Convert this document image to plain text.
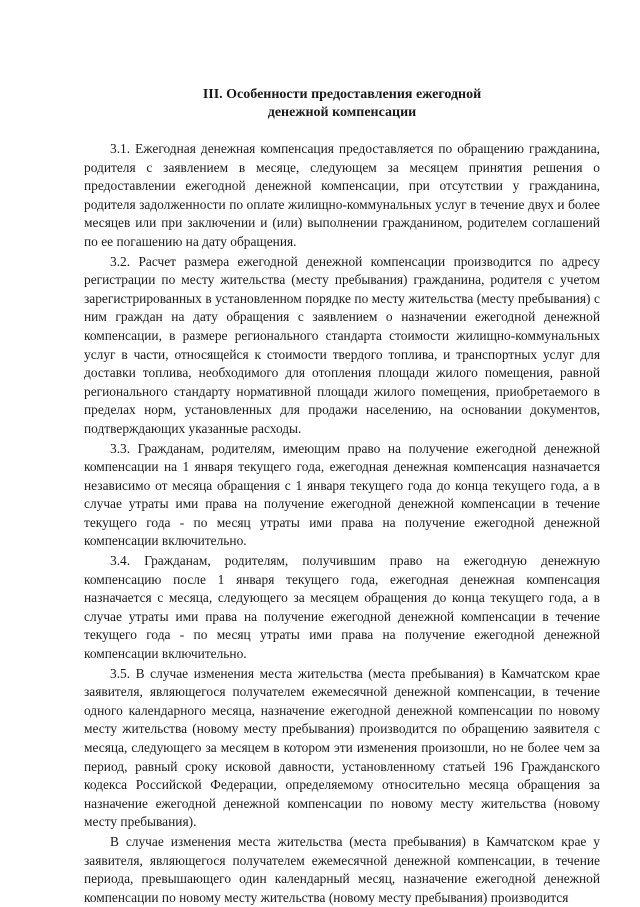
III. Особенности предоставления ежегодной
денежной компенсации

3.1. Ежегодная денежная компенсация предоставляется по обращению гражданина, родителя с заявлением в месяце, следующем за месяцем принятия решения о предоставлении ежегодной денежной компенсации, при отсутствии у гражданина, родителя задолженности по оплате жилищно-коммунальных услуг в течение двух и более месяцев или при заключении и (или) выполнении гражданином, родителем соглашений по ее погашению на дату обращения.

3.2. Расчет размера ежегодной денежной компенсации производится по адресу регистрации по месту жительства (месту пребывания) гражданина, родителя с учетом зарегистрированных в установленном порядке по месту жительства (месту пребывания) с ним граждан на дату обращения с заявлением о назначении ежегодной денежной компенсации, в размере регионального стандарта стоимости жилищно-коммунальных услуг в части, относящейся к стоимости твердого топлива, и транспортных услуг для доставки топлива, необходимого для отопления площади жилого помещения, равной регионального стандарту нормативной площади жилого помещения, приобретаемого в пределах норм, установленных для продажи населению, на основании документов, подтверждающих указанные расходы.

3.3. Гражданам, родителям, имеющим право на получение ежегодной денежной компенсации на 1 января текущего года, ежегодная денежная компенсация назначается независимо от месяца обращения с 1 января текущего года до конца текущего года, а в случае утраты ими права на получение ежегодной денежной компенсации в течение текущего года - по месяц утраты ими права на получение ежегодной денежной компенсации включительно.

3.4. Гражданам, родителям, получившим право на ежегодную денежную компенсацию после 1 января текущего года, ежегодная денежная компенсация назначается с месяца, следующего за месяцем обращения до конца текущего года, а в случае утраты ими права на получение ежегодной денежной компенсации в течение текущего года - по месяц утраты ими права на получение ежегодной денежной компенсации включительно.

3.5. В случае изменения места жительства (места пребывания) в Камчатском крае заявителя, являющегося получателем ежемесячной денежной компенсации, в течение одного календарного месяца, назначение ежегодной денежной компенсации по новому месту жительства (новому месту пребывания) производится по обращению заявителя с месяца, следующего за месяцем в котором эти изменения произошли, но не более чем за период, равный сроку исковой давности, установленному статьей 196 Гражданского кодекса Российской Федерации, определяемому относительно месяца обращения за назначение ежегодной денежной компенсации по новому месту жительства (новому месту пребывания).

В случае изменения места жительства (места пребывания) в Камчатском крае у заявителя, являющегося получателем ежемесячной денежной компенсации, в течение периода, превышающего один календарный месяц, назначение ежегодной денежной компенсации по новому месту жительства (новому месту пребывания) производится
